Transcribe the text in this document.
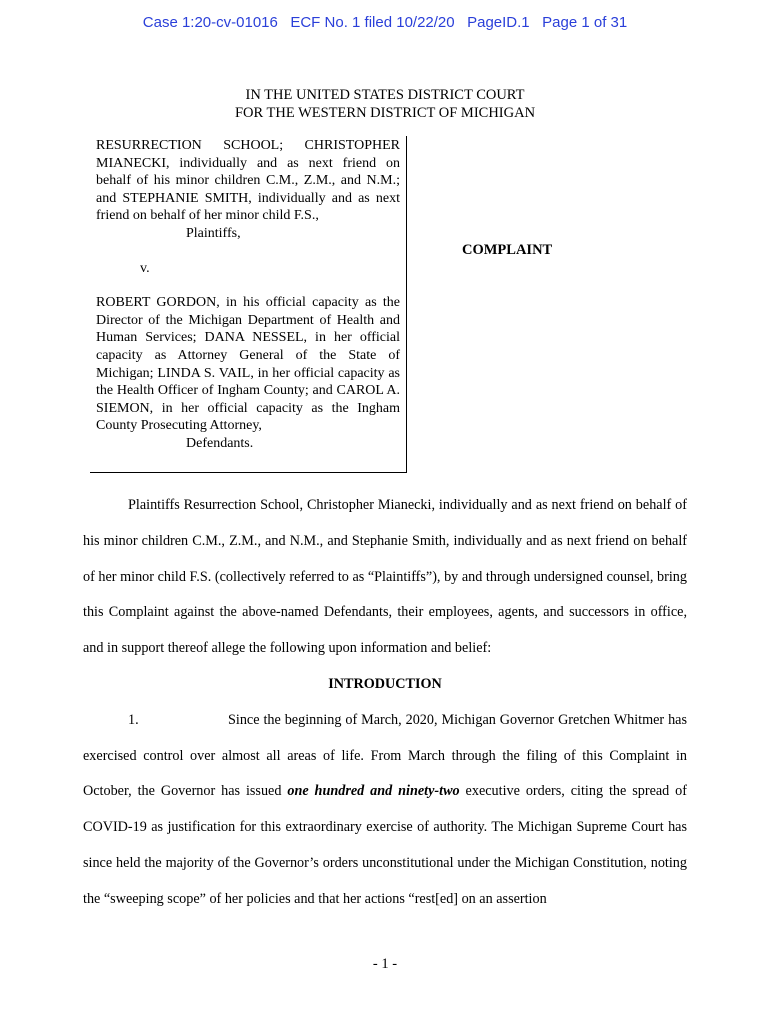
Case 1:20-cv-01016   ECF No. 1 filed 10/22/20   PageID.1   Page 1 of 31
IN THE UNITED STATES DISTRICT COURT
FOR THE WESTERN DISTRICT OF MICHIGAN
RESURRECTION SCHOOL; CHRISTOPHER MIANECKI, individually and as next friend on behalf of his minor children C.M., Z.M., and N.M.; and STEPHANIE SMITH, individually and as next friend on behalf of her minor child F.S.,
Plaintiffs,
v.
ROBERT GORDON, in his official capacity as the Director of the Michigan Department of Health and Human Services; DANA NESSEL, in her official capacity as Attorney General of the State of Michigan; LINDA S. VAIL, in her official capacity as the Health Officer of Ingham County; and CAROL A. SIEMON, in her official capacity as the Ingham County Prosecuting Attorney,
Defendants.
COMPLAINT

Plaintiffs Resurrection School, Christopher Mianecki, individually and as next friend on behalf of his minor children C.M., Z.M., and N.M., and Stephanie Smith, individually and as next friend on behalf of her minor child F.S. (collectively referred to as “Plaintiffs”), by and through undersigned counsel, bring this Complaint against the above-named Defendants, their employees, agents, and successors in office, and in support thereof allege the following upon information and belief:

INTRODUCTION

1.	Since the beginning of March, 2020, Michigan Governor Gretchen Whitmer has exercised control over almost all areas of life. From March through the filing of this Complaint in October, the Governor has issued one hundred and ninety-two executive orders, citing the spread of COVID-19 as justification for this extraordinary exercise of authority. The Michigan Supreme Court has since held the majority of the Governor’s orders unconstitutional under the Michigan Constitution, noting the “sweeping scope” of her policies and that her actions “rest[ed] on an assertion

- 1 -
